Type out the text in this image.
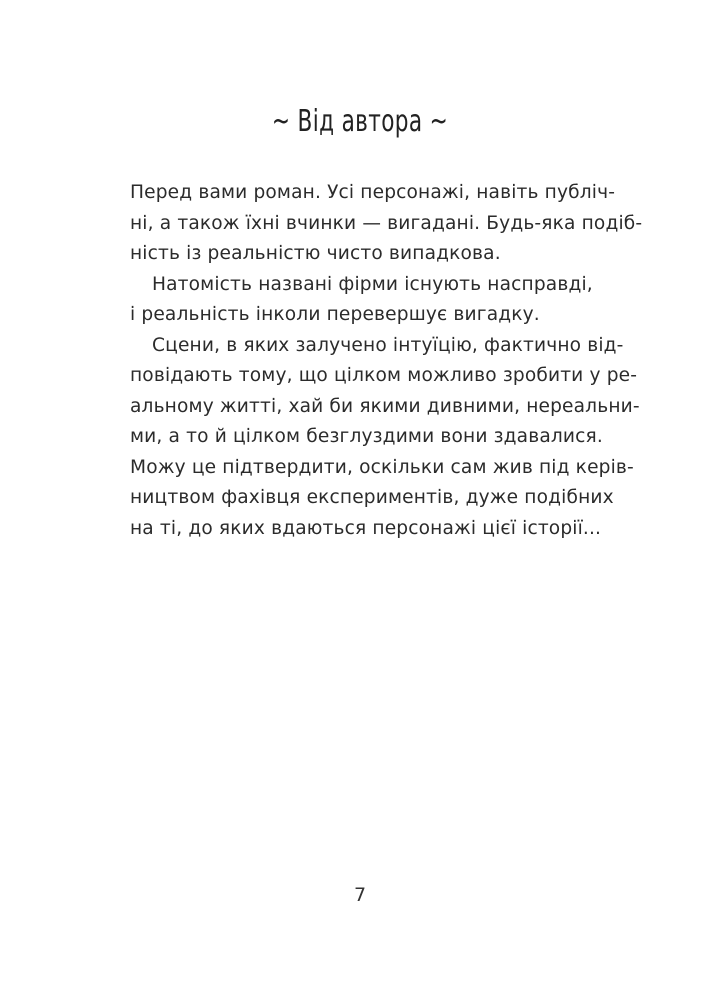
~ Від автора ~
Перед вами роман. Усі персонажі, навіть публіч-
ні, а також їхні вчинки — вигадані. Будь-яка подіб-
ність із реальністю чисто випадкова.
Натомість названі фірми існують насправді,
і реальність інколи перевершує вигадку.
Сцени, в яких залучено інтуїцію, фактично від-
повідають тому, що цілком можливо зробити у ре-
альному житті, хай би якими дивними, нереальни-
ми, а то й цілком безглуздими вони здавалися.
Можу це підтвердити, оскільки сам жив під керів-
ництвом фахівця експериментів, дуже подібних
на ті, до яких вдаються персонажі цієї історії...
7
